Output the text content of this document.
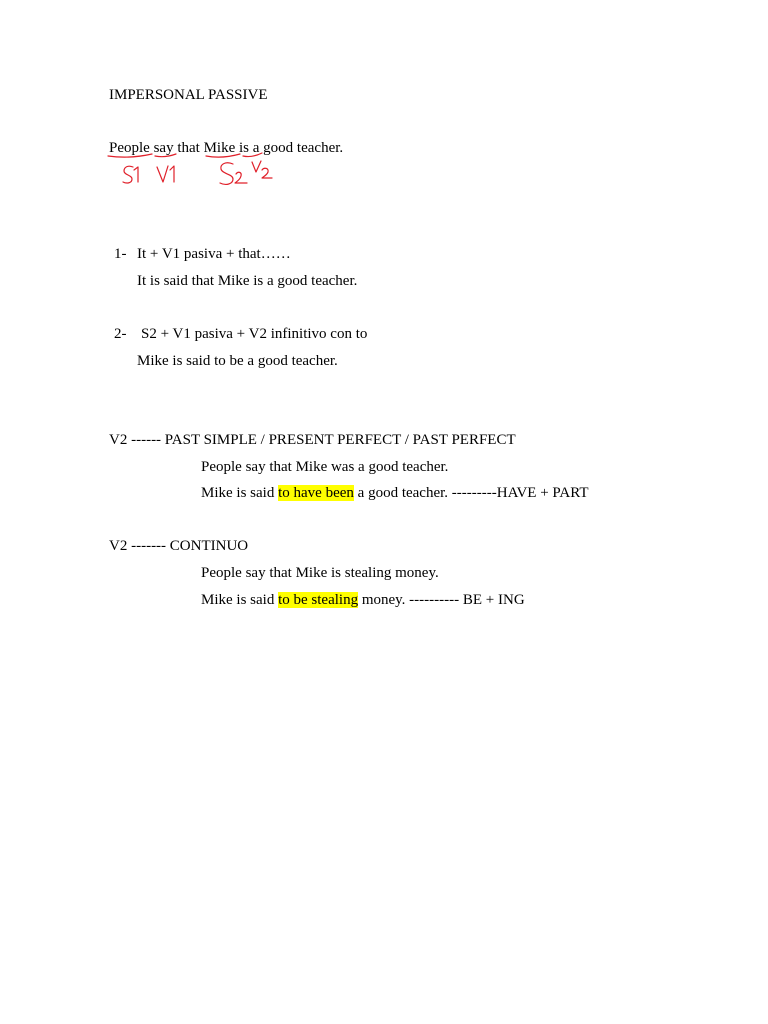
IMPERSONAL PASSIVE
People say that Mike is a good teacher.
1- It + V1 pasiva + that……
It is said that Mike is a good teacher.
2- S2 + V1 pasiva + V2 infinitivo con to
Mike is said to be a good teacher.
V2 ------ PAST SIMPLE / PRESENT PERFECT / PAST PERFECT
People say that Mike was a good teacher.
Mike is said to have been a good teacher. ---------HAVE + PART
V2 ------- CONTINUO
People say that Mike is stealing money.
Mike is said to be stealing money. ---------- BE + ING
